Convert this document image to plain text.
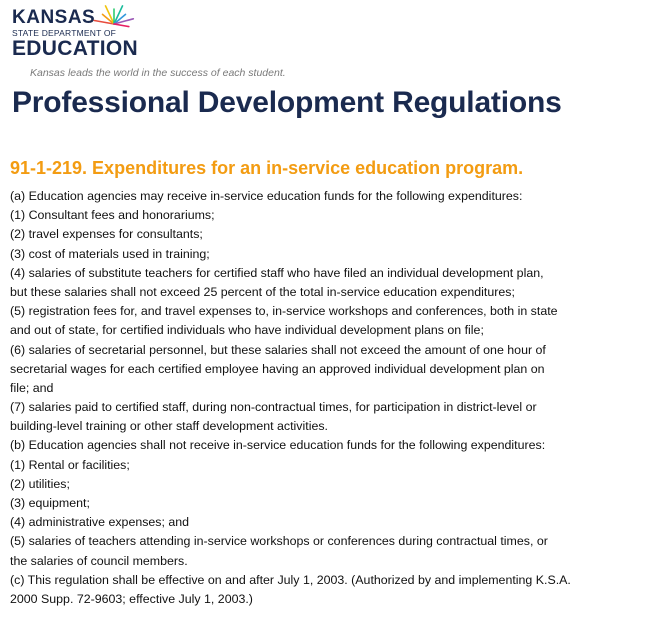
KANSAS
STATE DEPARTMENT OF
EDUCATION
Kansas leads the world in the success of each student.
Professional Development Regulations
91-1-219. Expenditures for an in-service education program.
(a) Education agencies may receive in-service education funds for the following expenditures:
(1) Consultant fees and honorariums;
(2) travel expenses for consultants;
(3) cost of materials used in training;
(4) salaries of substitute teachers for certified staff who have filed an individual development plan,
but these salaries shall not exceed 25 percent of the total in-service education expenditures;
(5) registration fees for, and travel expenses to, in-service workshops and conferences, both in state
and out of state, for certified individuals who have individual development plans on file;
(6) salaries of secretarial personnel, but these salaries shall not exceed the amount of one hour of
secretarial wages for each certified employee having an approved individual development plan on
file; and
(7) salaries paid to certified staff, during non-contractual times, for participation in district-level or
building-level training or other staff development activities.
(b) Education agencies shall not receive in-service education funds for the following expenditures:
(1) Rental or facilities;
(2) utilities;
(3) equipment;
(4) administrative expenses; and
(5) salaries of teachers attending in-service workshops or conferences during contractual times, or
the salaries of council members.
(c) This regulation shall be effective on and after July 1, 2003. (Authorized by and implementing K.S.A.
2000 Supp. 72-9603; effective July 1, 2003.)
